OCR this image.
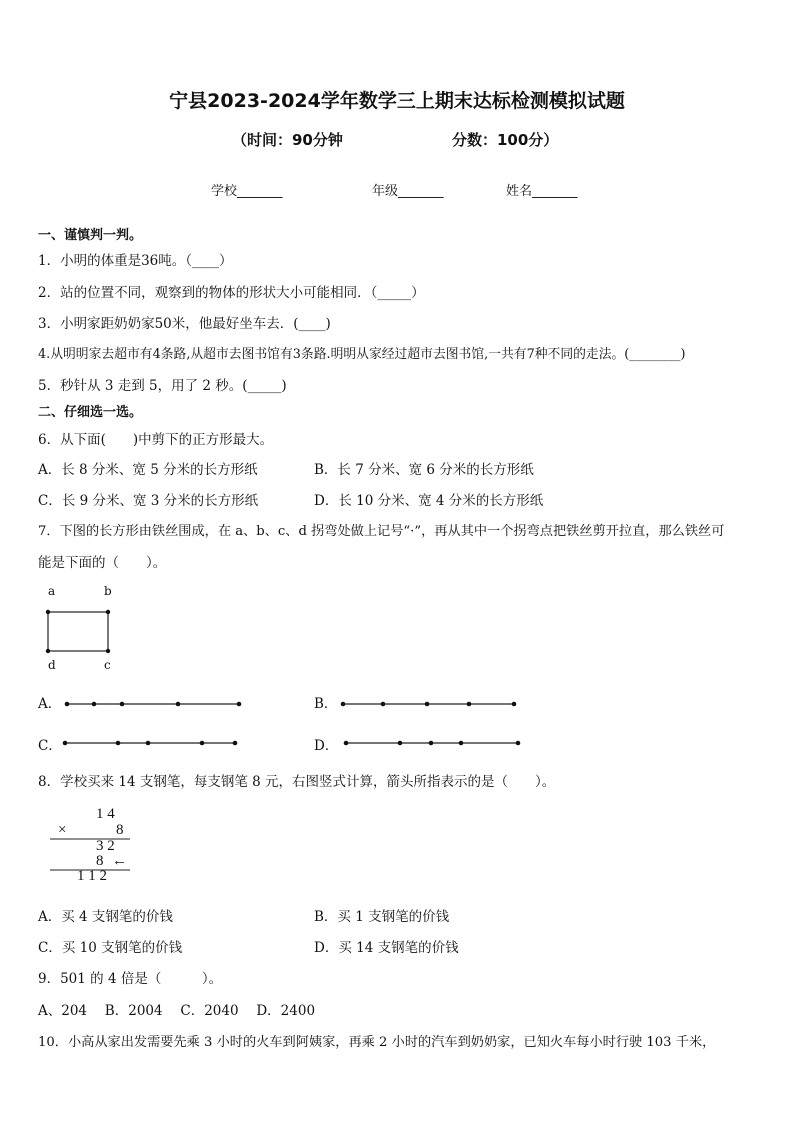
宁县2023-2024学年数学三上期末达标检测模拟试题
（时间：90分钟	分数：100分）
学校_______	年级_______	姓名_______
一、谨慎判一判。
1．小明的体重是36吨。（____）
2．站的位置不同，观察到的物体的形状大小可能相同．（_____）
3．小明家距奶奶家50米，他最好坐车去．(____)
4.从明明家去超市有4条路,从超市去图书馆有3条路.明明从家经过超市去图书馆,一共有7种不同的走法。(________)
5．秒针从 3 走到 5，用了 2 秒。(_____)
二、仔细选一选。
6．从下面(　　)中剪下的正方形最大。
A．长 8 分米、宽 5 分米的长方形纸	B．长 7 分米、宽 6 分米的长方形纸
C．长 9 分米、宽 3 分米的长方形纸	D．长 10 分米、宽 4 分米的长方形纸
7．下图的长方形由铁丝围成，在 a、b、c、d 拐弯处做上记号“·”，再从其中一个拐弯点把铁丝剪开拉直，那么铁丝可
能是下面的（　　）。
a	b
d	c
A．	B．
C．	D．
8．学校买来 14 支钢笔，每支钢笔 8 元，右图竖式计算，箭头所指表示的是（　　）。
1 4
×	8
3 2
8 ←
1 1 2
A．买 4 支钢笔的价钱	B．买 1 支钢笔的价钱
C．买 10 支钢笔的价钱	D．买 14 支钢笔的价钱
9．501 的 4 倍是（　　　）。
A、204　 B．2004　 C．2040　 D．2400
10．小高从家出发需要先乘 3 小时的火车到阿姨家，再乘 2 小时的汽车到奶奶家，已知火车每小时行驶 103 千米，
